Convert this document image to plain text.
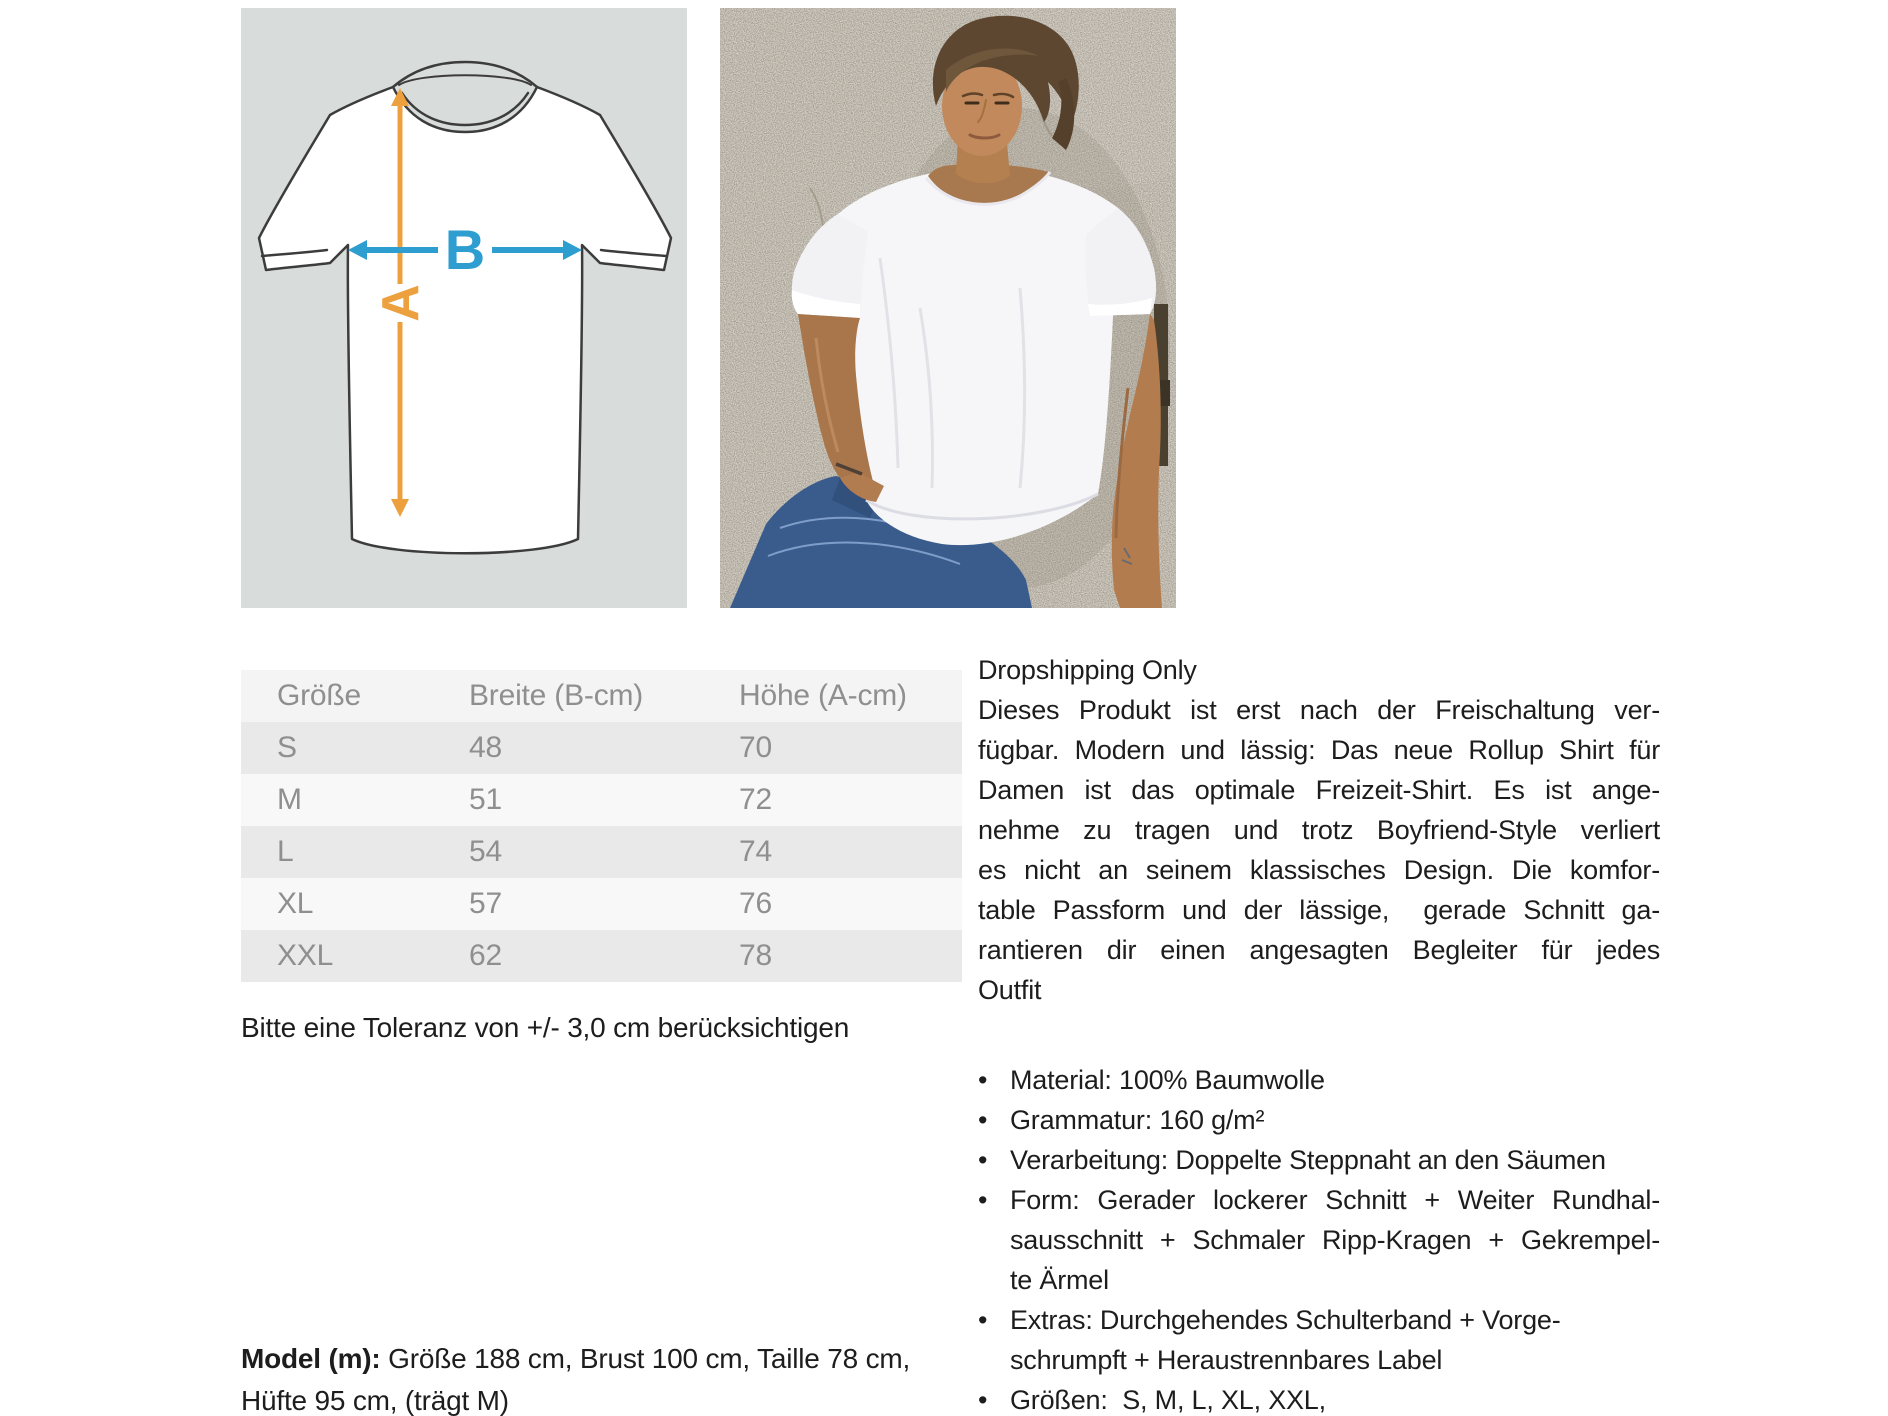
A
B
Größe	Breite (B-cm)	Höhe (A-cm)
S	48	70
M	51	72
L	54	74
XL	57	76
XXL	62	78
Bitte eine Toleranz von +/- 3,0 cm berücksichtigen
Model (m): Größe 188 cm, Brust 100 cm, Taille 78 cm,
Hüfte 95 cm, (trägt M)
Dropshipping Only
Dieses Produkt ist erst nach der Freischaltung ver-
fügbar. Modern und lässig: Das neue Rollup Shirt für
Damen ist das optimale Freizeit-Shirt. Es ist ange-
nehme zu tragen und trotz Boyfriend-Style verliert
es nicht an seinem klassisches Design. Die komfor-
table Passform und der lässige,  gerade Schnitt ga-
rantieren dir einen angesagten Begleiter für jedes
Outfit
• Material: 100% Baumwolle
• Grammatur: 160 g/m²
• Verarbeitung: Doppelte Steppnaht an den Säumen
• Form: Gerader lockerer Schnitt + Weiter Rundhal-
sausschnitt + Schmaler Ripp-Kragen + Gekrempel-
te Ärmel
• Extras: Durchgehendes Schulterband + Vorge-
schrumpft + Heraustrennbares Label
• Größen:  S, M, L, XL, XXL,
